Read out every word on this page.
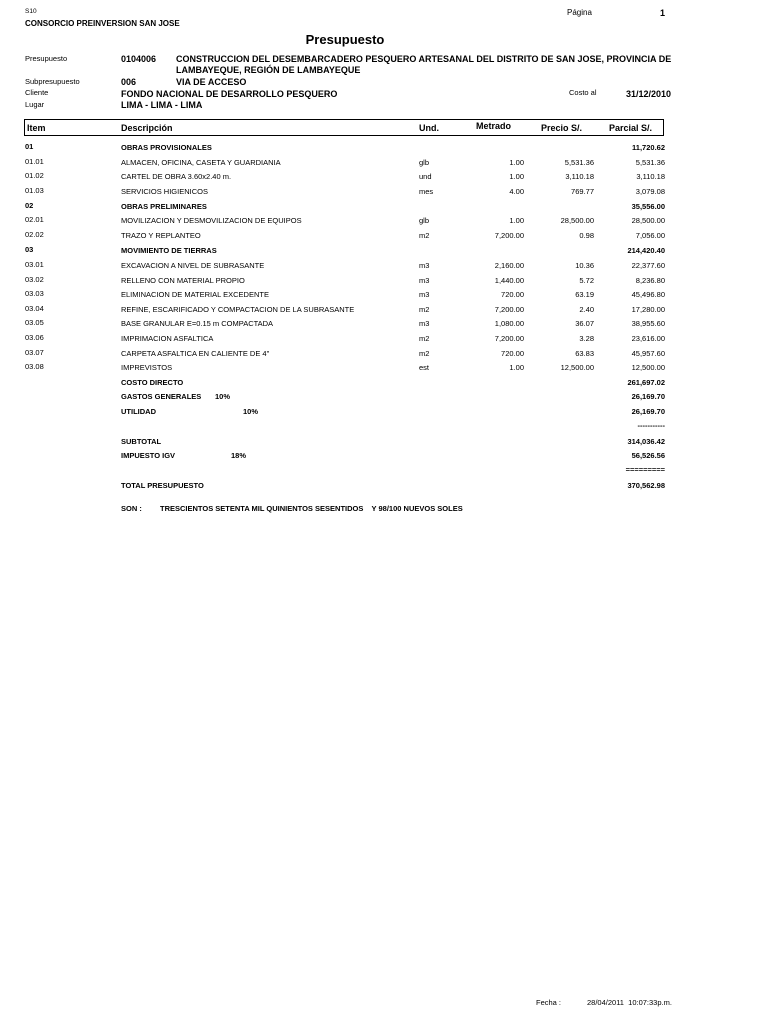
S10
CONSORCIO PREINVERSION SAN JOSE
Página	1
Presupuesto
Presupuesto	0104006 CONSTRUCCION DEL DESEMBARCADERO PESQUERO ARTESANAL DEL DISTRITO DE SAN JOSE, PROVINCIA DE
LAMBAYEQUE, REGIÓN DE LAMBAYEQUE
Subpresupuesto	006	VIA DE ACCESO
Cliente	FONDO NACIONAL DE DESARROLLO PESQUERO	Costo al	31/12/2010
Lugar	LIMA - LIMA - LIMA
Item	Descripción	Und.	Metrado	Precio S/.	Parcial S/.
01	OBRAS PROVISIONALES	11,720.62
01.01	ALMACEN, OFICINA, CASETA Y GUARDIANIA	glb	1.00	5,531.36	5,531.36
01.02	CARTEL DE OBRA 3.60x2.40 m.	und	1.00	3,110.18	3,110.18
01.03	SERVICIOS HIGIENICOS	mes	4.00	769.77	3,079.08
02	OBRAS PRELIMINARES	35,556.00
02.01	MOVILIZACION Y DESMOVILIZACION DE EQUIPOS	glb	1.00	28,500.00	28,500.00
02.02	TRAZO Y REPLANTEO	m2	7,200.00	0.98	7,056.00
03	MOVIMIENTO DE TIERRAS	214,420.40
03.01	EXCAVACION A NIVEL DE SUBRASANTE	m3	2,160.00	10.36	22,377.60
03.02	RELLENO CON MATERIAL PROPIO	m3	1,440.00	5.72	8,236.80
03.03	ELIMINACION DE MATERIAL EXCEDENTE	m3	720.00	63.19	45,496.80
03.04	REFINE, ESCARIFICADO Y COMPACTACION DE LA SUBRASANTE	m2	7,200.00	2.40	17,280.00
03.05	BASE GRANULAR E=0.15 m COMPACTADA	m3	1,080.00	36.07	38,955.60
03.06	IMPRIMACION ASFALTICA	m2	7,200.00	3.28	23,616.00
03.07	CARPETA ASFALTICA EN CALIENTE DE 4"	m2	720.00	63.83	45,957.60
03.08	IMPREVISTOS	est	1.00	12,500.00	12,500.00
COSTO DIRECTO	261,697.02
GASTOS GENERALES 10%	26,169.70
UTILIDAD	10%	26,169.70
-----------
SUBTOTAL	314,036.42
IMPUESTO IGV	18%	56,526.56
=========
TOTAL PRESUPUESTO	370,562.98
SON : TRESCIENTOS SETENTA MIL QUINIENTOS SESENTIDOS    Y 98/100 NUEVOS SOLES
Fecha :	28/04/2011  10:07:33p.m.
